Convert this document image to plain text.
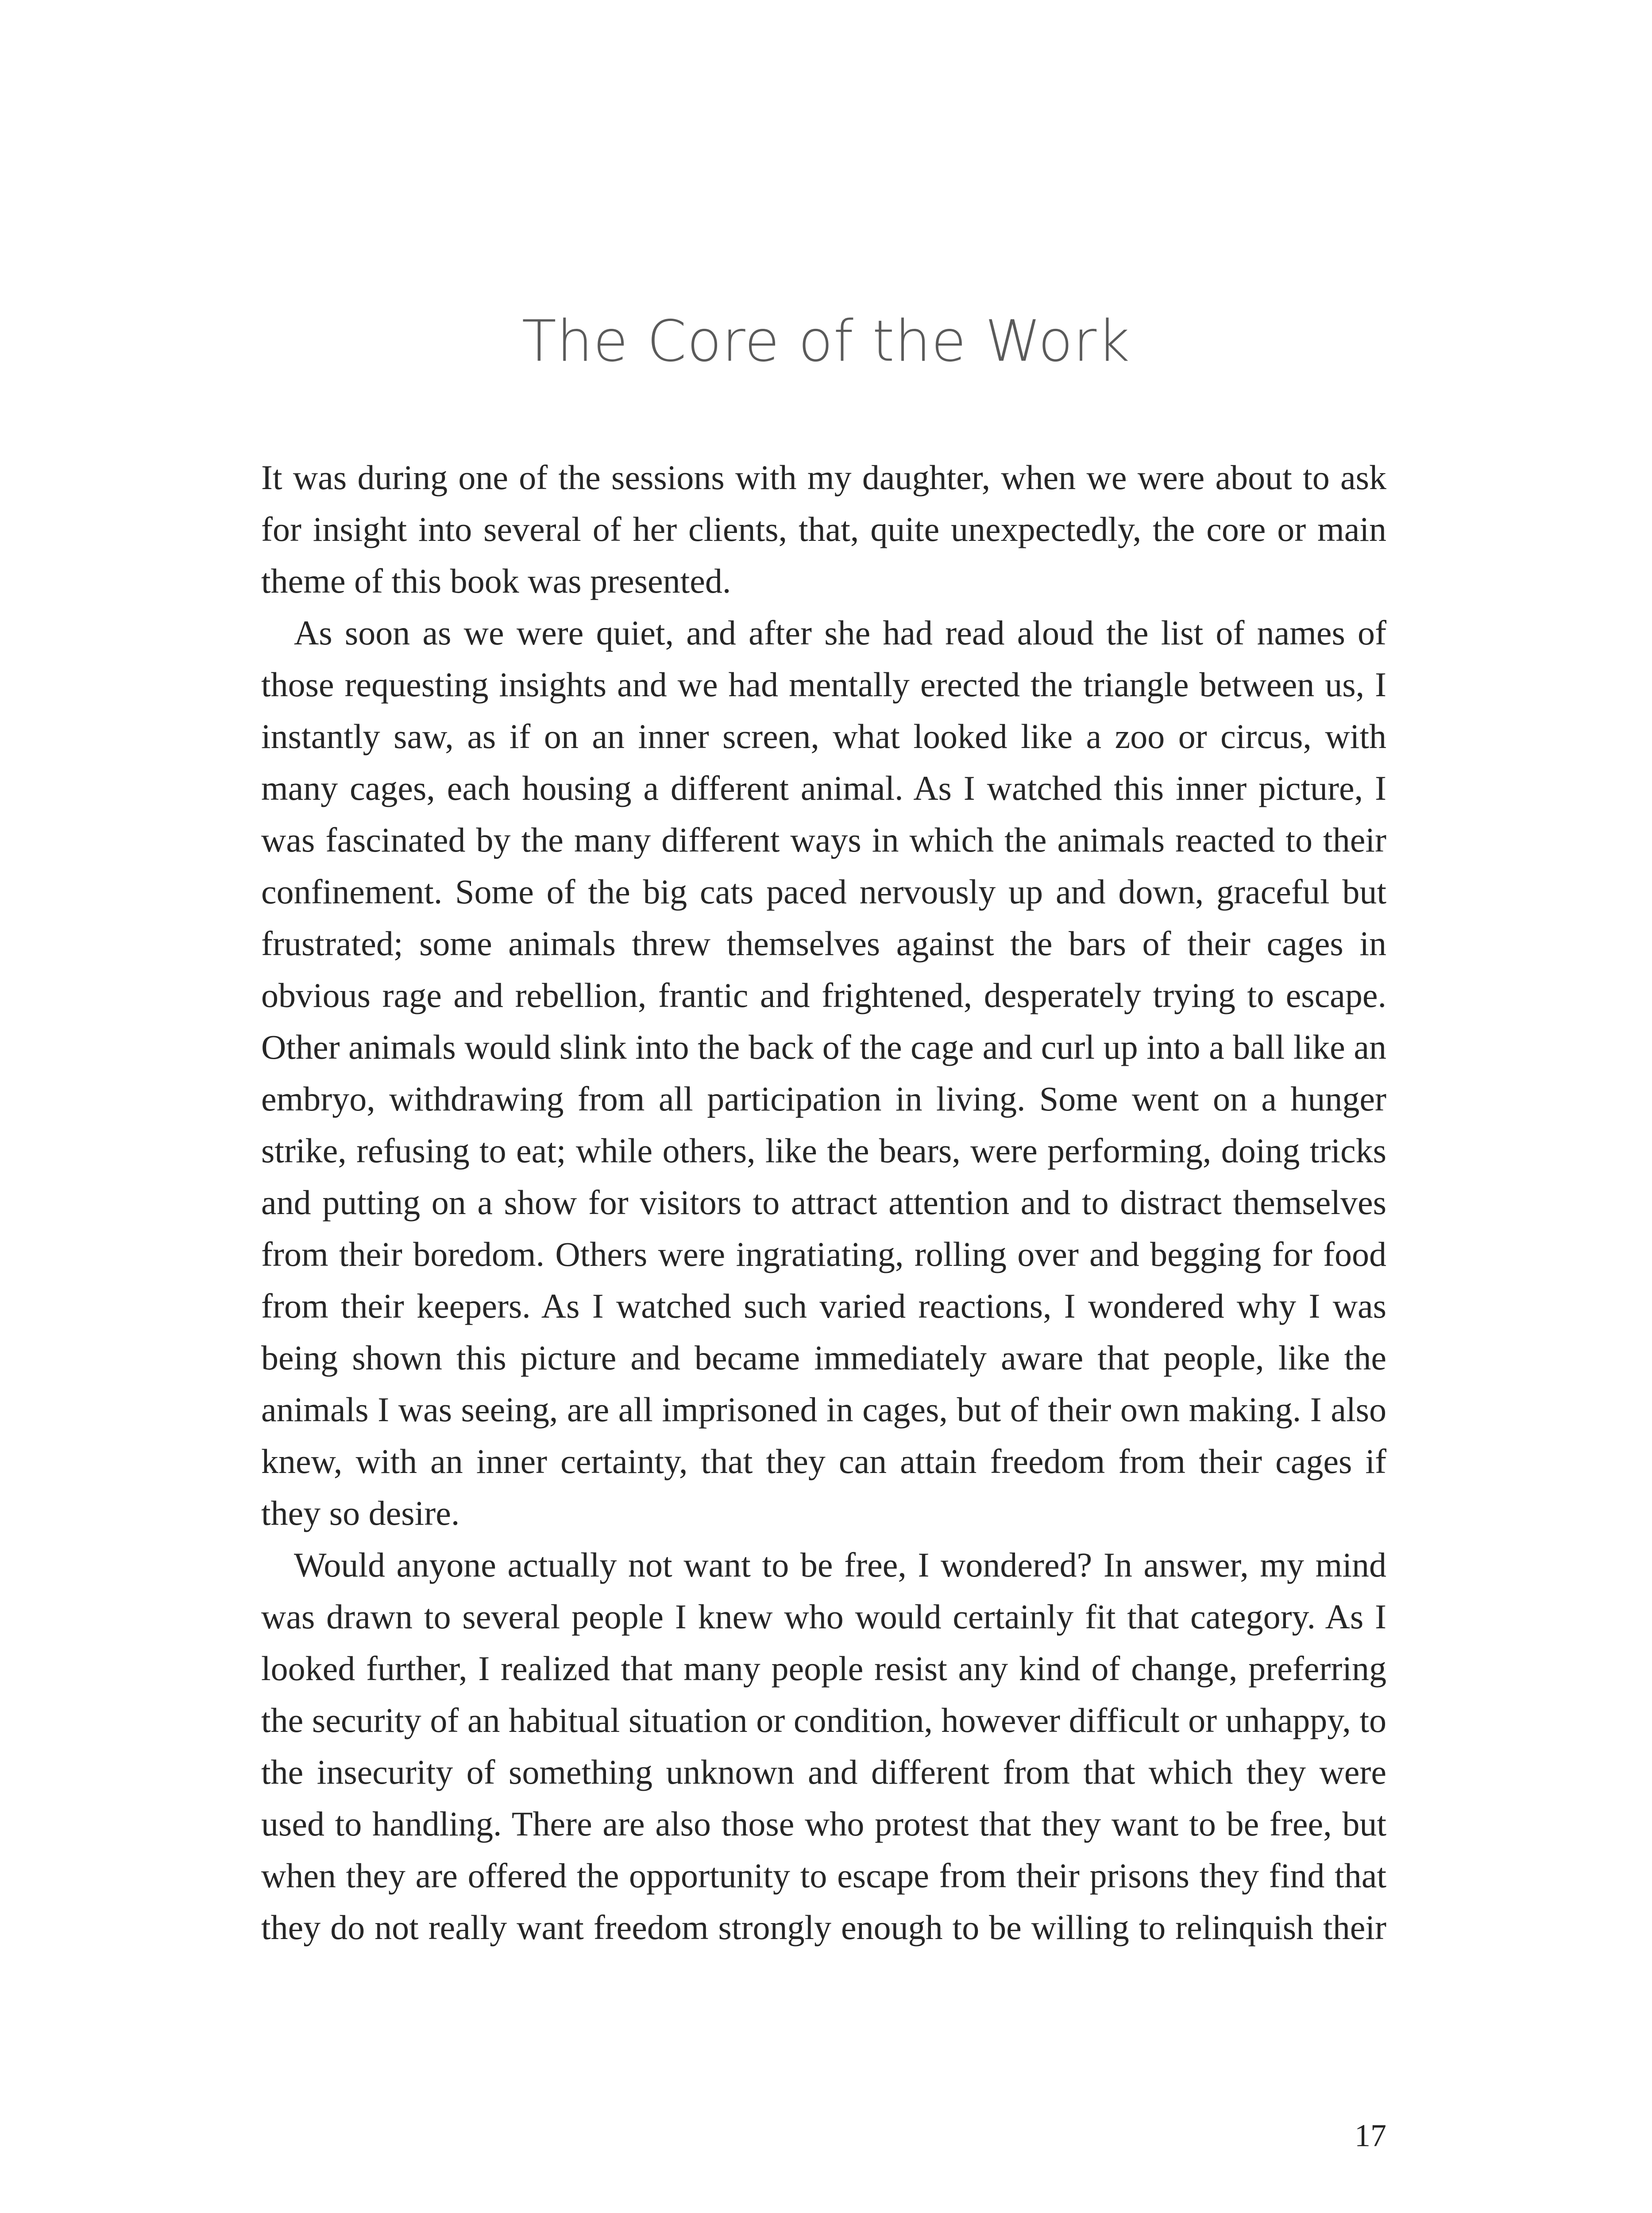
The Core of the Work

It was during one of the sessions with my daughter, when we were about to ask for insight into several of her clients, that, quite unexpectedly, the core or main theme of this book was presented.

As soon as we were quiet, and after she had read aloud the list of names of those requesting insights and we had mentally erected the triangle between us, I instantly saw, as if on an inner screen, what looked like a zoo or circus, with many cages, each housing a different animal. As I watched this inner picture, I was fascinated by the many different ways in which the animals reacted to their confinement. Some of the big cats paced nervously up and down, graceful but frustrated; some animals threw themselves against the bars of their cages in obvious rage and rebellion, frantic and frightened, desperately trying to escape. Other animals would slink into the back of the cage and curl up into a ball like an embryo, withdrawing from all participation in living. Some went on a hunger strike, refusing to eat; while others, like the bears, were performing, doing tricks and putting on a show for visitors to attract attention and to distract themselves from their boredom. Others were ingratiating, rolling over and begging for food from their keepers. As I watched such varied reactions, I wondered why I was being shown this picture and became immediately aware that people, like the animals I was seeing, are all imprisoned in cages, but of their own making. I also knew, with an inner certainty, that they can attain freedom from their cages if they so desire.

Would anyone actually not want to be free, I wondered? In answer, my mind was drawn to several people I knew who would certainly fit that category. As I looked further, I realized that many people resist any kind of change, preferring the security of an habitual situation or condition, however difficult or unhappy, to the insecurity of something unknown and different from that which they were used to handling. There are also those who protest that they want to be free, but when they are offered the opportunity to escape from their prisons they find that they do not really want freedom strongly enough to be willing to relinquish their

17
